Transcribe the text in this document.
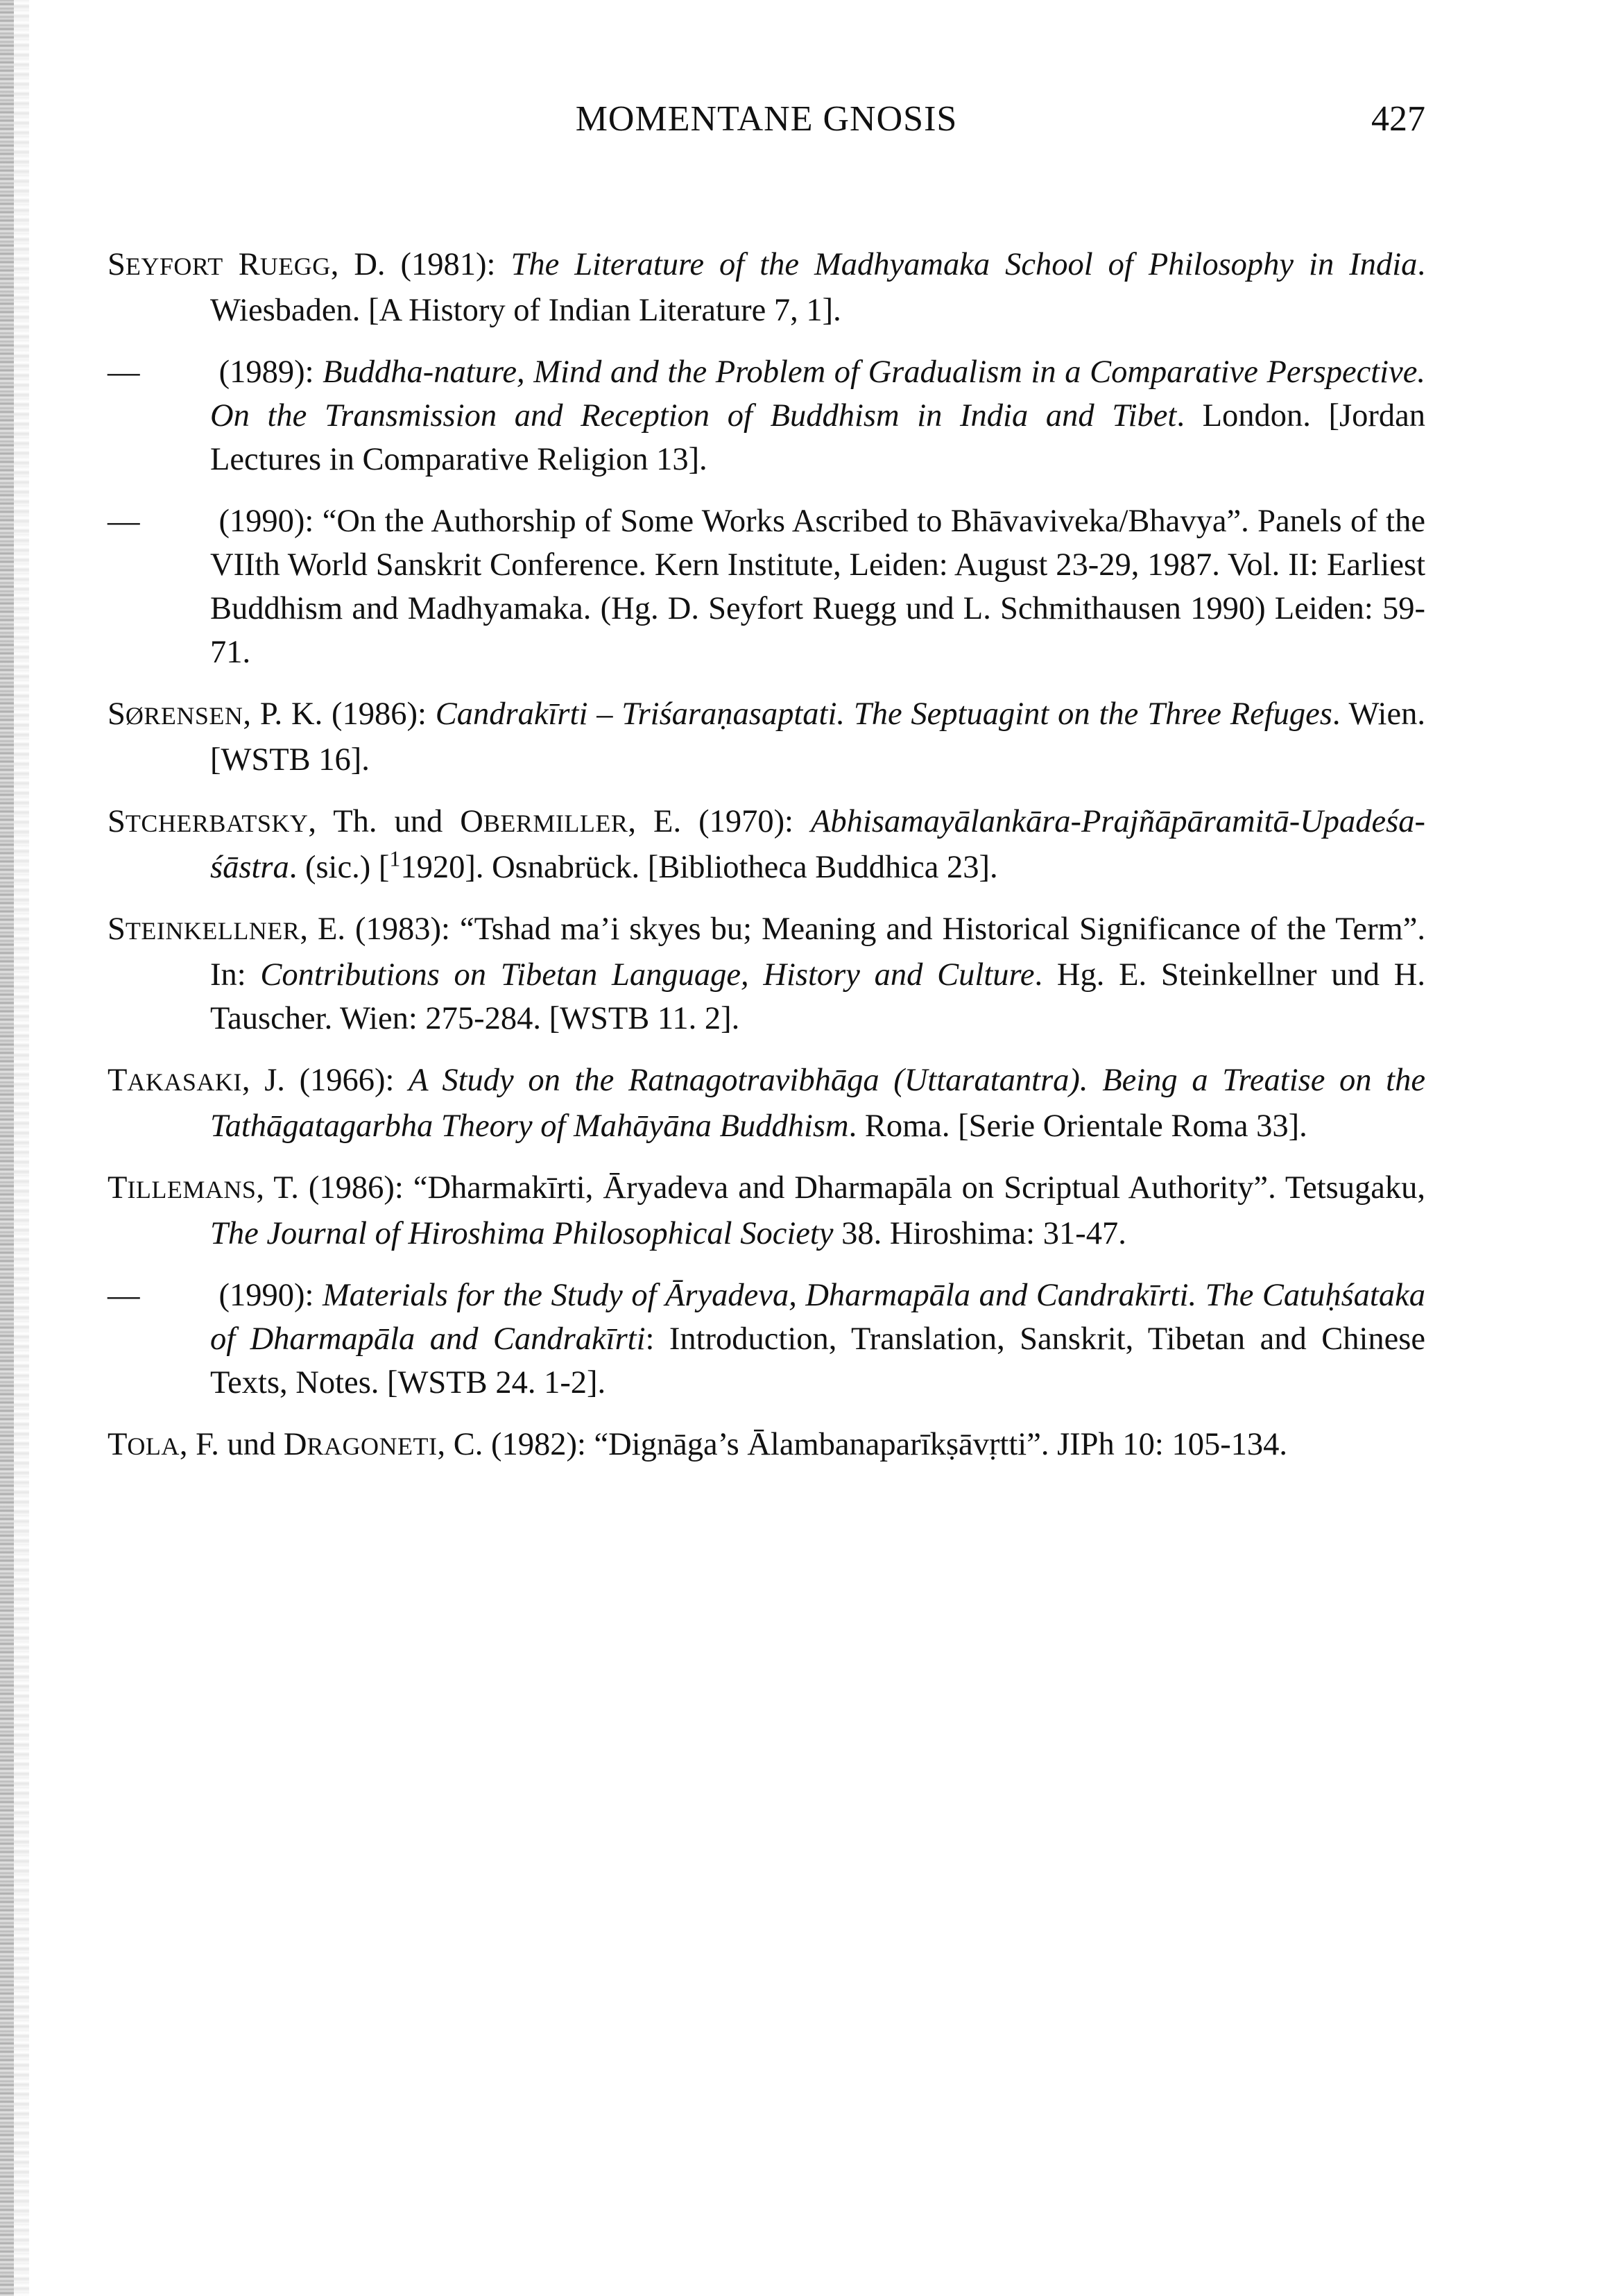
MOMENTANE GNOSIS	427

SEYFORT RUEGG, D. (1981): The Literature of the Madhyamaka School of Philosophy in India. Wiesbaden. [A History of Indian Literature 7, 1].

— (1989): Buddha-nature, Mind and the Problem of Gradualism in a Comparative Perspective. On the Transmission and Reception of Buddhism in India and Tibet. London. [Jordan Lectures in Comparative Religion 13].

— (1990): “On the Authorship of Some Works Ascribed to Bhāvaviveka/Bhavya”. Panels of the VIIth World Sanskrit Conference. Kern Institute, Leiden: August 23-29, 1987. Vol. II: Earliest Buddhism and Madhyamaka. (Hg. D. Seyfort Ruegg und L. Schmithausen 1990) Leiden: 59-71.

SØRENSEN, P. K. (1986): Candrakīrti – Triśaraṇasaptati. The Septuagint on the Three Refuges. Wien. [WSTB 16].

STCHERBATSKY, Th. und OBERMILLER, E. (1970): Abhisamayālankāra-Prajñāpāramitā-Upadeśa-śāstra. (sic.) [$^1$1920]. Osnabrück. [Bibliotheca Buddhica 23].

STEINKELLNER, E. (1983): “Tshad ma’i skyes bu; Meaning and Historical Significance of the Term”. In: Contributions on Tibetan Language, History and Culture. Hg. E. Steinkellner und H. Tauscher. Wien: 275-284. [WSTB 11. 2].

TAKASAKI, J. (1966): A Study on the Ratnagotravibhāga (Uttaratantra). Being a Treatise on the Tathāgatagarbha Theory of Mahāyāna Buddhism. Roma. [Serie Orientale Roma 33].

TILLEMANS, T. (1986): “Dharmakīrti, Āryadeva and Dharmapāla on Scriptual Authority”. Tetsugaku, The Journal of Hiroshima Philosophical Society 38. Hiroshima: 31-47.

— (1990): Materials for the Study of Āryadeva, Dharmapāla and Candrakīrti. The Catuḥśataka of Dharmapāla and Candrakīrti: Introduction, Translation, Sanskrit, Tibetan and Chinese Texts, Notes. [WSTB 24. 1-2].

TOLA, F. und DRAGONETI, C. (1982): “Dignāga’s Ālambanaparīkṣāvṛtti”. JIPh 10: 105-134.
